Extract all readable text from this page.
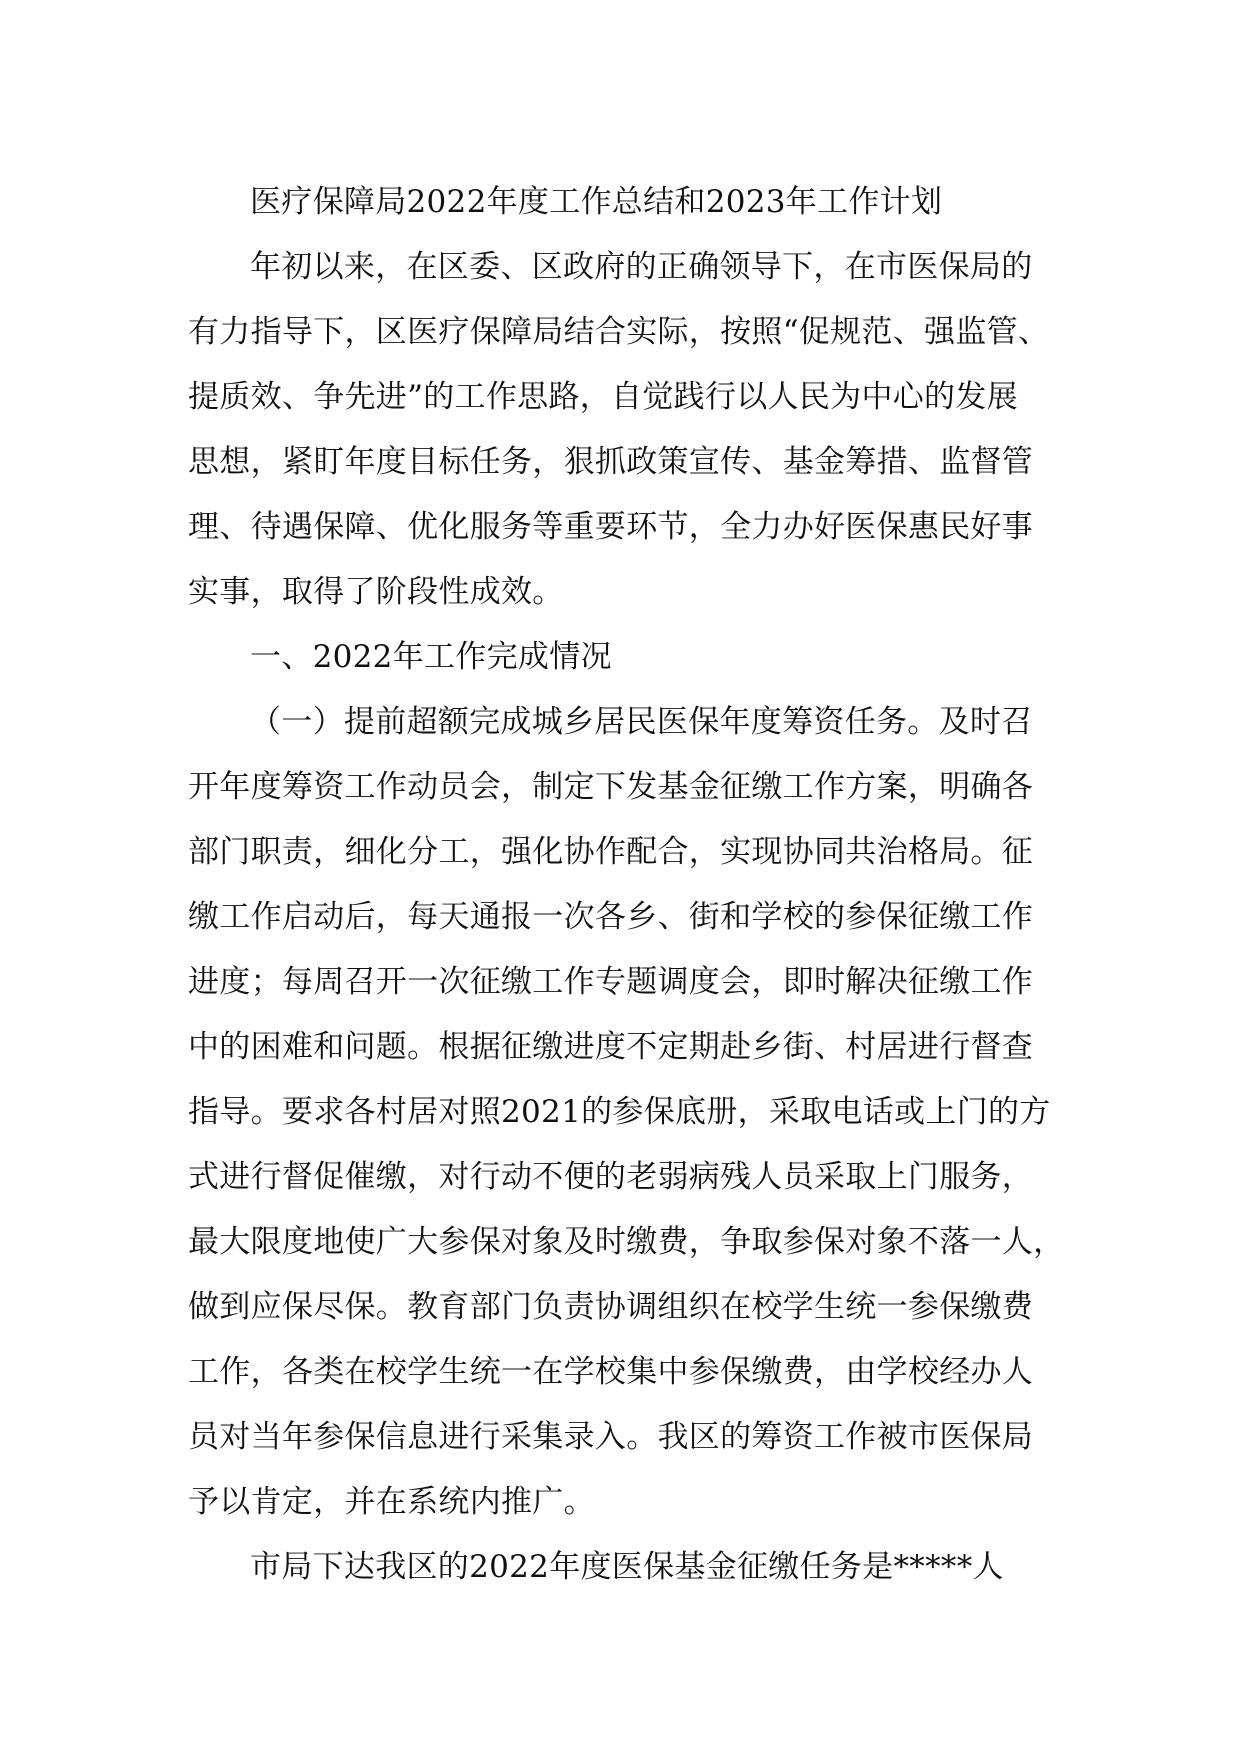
医疗保障局2022年度工作总结和2023年工作计划
年初以来，在区委、区政府的正确领导下，在市医保局的
有力指导下，区医疗保障局结合实际，按照“促规范、强监管、
提质效、争先进”的工作思路，自觉践行以人民为中心的发展
思想，紧盯年度目标任务，狠抓政策宣传、基金筹措、监督管
理、待遇保障、优化服务等重要环节，全力办好医保惠民好事
实事，取得了阶段性成效。
一、2022年工作完成情况
（一）提前超额完成城乡居民医保年度筹资任务。及时召
开年度筹资工作动员会，制定下发基金征缴工作方案，明确各
部门职责，细化分工，强化协作配合，实现协同共治格局。征
缴工作启动后，每天通报一次各乡、街和学校的参保征缴工作
进度；每周召开一次征缴工作专题调度会，即时解决征缴工作
中的困难和问题。根据征缴进度不定期赴乡街、村居进行督查
指导。要求各村居对照2021的参保底册，采取电话或上门的方
式进行督促催缴，对行动不便的老弱病残人员采取上门服务，
最大限度地使广大参保对象及时缴费，争取参保对象不落一人，
做到应保尽保。教育部门负责协调组织在校学生统一参保缴费
工作，各类在校学生统一在学校集中参保缴费，由学校经办人
员对当年参保信息进行采集录入。我区的筹资工作被市医保局
予以肯定，并在系统内推广。
市局下达我区的2022年度医保基金征缴任务是*****人
